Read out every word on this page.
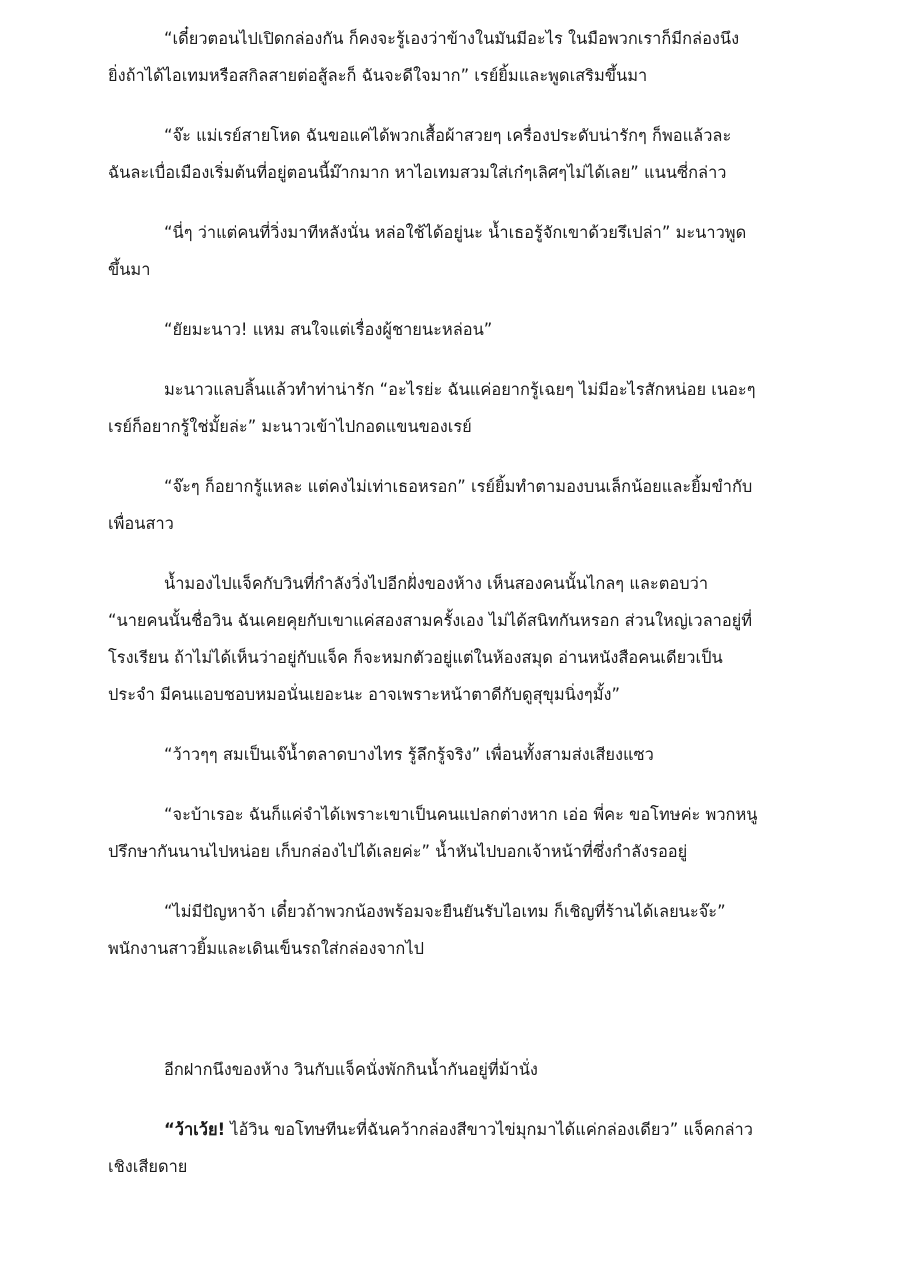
“เดี๋ยวตอนไปเปิดกล่องกัน ก็คงจะรู้เองว่าข้างในมันมีอะไร ในมือพวกเราก็มีกล่องนึง
ยิ่งถ้าได้ไอเทมหรือสกิลสายต่อสู้ละก็ ฉันจะดีใจมาก” เรย์ยิ้มและพูดเสริมขึ้นมา

“จ๊ะ แม่เรย์สายโหด ฉันขอแค่ได้พวกเสื้อผ้าสวยๆ เครื่องประดับน่ารักๆ ก็พอแล้วละ
ฉันละเบื่อเมืองเริ่มต้นที่อยู่ตอนนี้ม๊ากมาก หาไอเทมสวมใส่เก๋ๆเลิศๆไม่ได้เลย” แนนซี่กล่าว

“นี่ๆ ว่าแต่คนที่วิ่งมาทีหลังนั่น หล่อใช้ได้อยู่นะ น้ำเธอรู้จักเขาด้วยรึเปล่า” มะนาวพูด
ขึ้นมา

“ยัยมะนาว! แหม สนใจแต่เรื่องผู้ชายนะหล่อน”

มะนาวแลบลิ้นแล้วทำท่าน่ารัก “อะไรย่ะ ฉันแค่อยากรู้เฉยๆ ไม่มีอะไรสักหน่อย เนอะๆ
เรย์ก็อยากรู้ใช่มั้ยล่ะ” มะนาวเข้าไปกอดแขนของเรย์

“จ๊ะๆ ก็อยากรู้แหละ แต่คงไม่เท่าเธอหรอก” เรย์ยิ้มทำตามองบนเล็กน้อยและยิ้มขำกับ
เพื่อนสาว

น้ำมองไปแจ็คกับวินที่กำลังวิ่งไปอีกฝั่งของห้าง เห็นสองคนนั้นไกลๆ และตอบว่า
“นายคนนั้นชื่อวิน ฉันเคยคุยกับเขาแค่สองสามครั้งเอง ไม่ได้สนิทกันหรอก ส่วนใหญ่เวลาอยู่ที่
โรงเรียน ถ้าไม่ได้เห็นว่าอยู่กับแจ็ค ก็จะหมกตัวอยู่แต่ในห้องสมุด อ่านหนังสือคนเดียวเป็น
ประจำ มีคนแอบชอบหมอนั่นเยอะนะ อาจเพราะหน้าตาดีกับดูสุขุมนิ่งๆมั้ง”

“ว้าวๆๆ สมเป็นเจ๊น้ำตลาดบางไทร รู้ลึกรู้จริง” เพื่อนทั้งสามส่งเสียงแซว

“จะบ้าเรอะ ฉันก็แค่จำได้เพราะเขาเป็นคนแปลกต่างหาก เอ่อ พี่คะ ขอโทษค่ะ พวกหนู
ปรึกษากันนานไปหน่อย เก็บกล่องไปได้เลยค่ะ” น้ำหันไปบอกเจ้าหน้าที่ซึ่งกำลังรออยู่

“ไม่มีปัญหาจ้า เดี๋ยวถ้าพวกน้องพร้อมจะยืนยันรับไอเทม ก็เชิญที่ร้านได้เลยนะจ๊ะ”
พนักงานสาวยิ้มและเดินเข็นรถใส่กล่องจากไป

อีกฝากนึงของห้าง วินกับแจ็คนั่งพักกินน้ำกันอยู่ที่ม้านั่ง

“ว้าเว้ย! ไอ้วิน ขอโทษทีนะที่ฉันคว้ากล่องสีขาวไข่มุกมาได้แค่กล่องเดียว” แจ็คกล่าว
เชิงเสียดาย
